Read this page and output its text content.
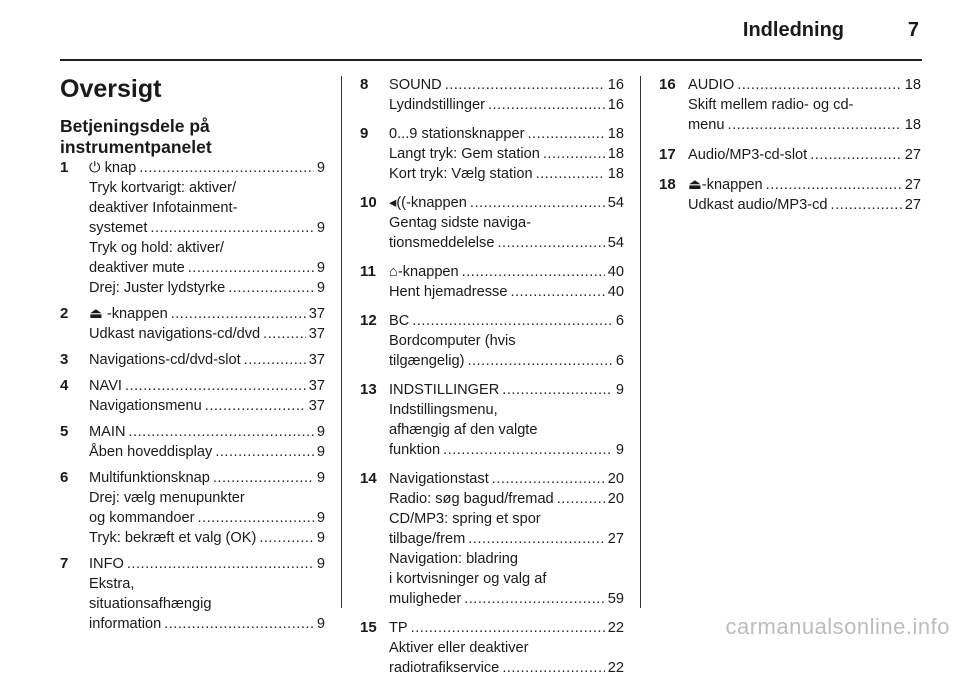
Indledning	7
Oversigt
Betjeningsdele på instrumentpanelet
1 ⏻ knap .....	9
Tryk kortvarigt: aktiver/
deaktiver Infotainment-
systemet .....	9
Tryk og hold: aktiver/
deaktiver mute .....	9
Drej: Juster lydstyrke .....	9
2 ⏏ -knappen .....	37
Udkast navigations-cd/dvd .....	37
3 Navigations-cd/dvd-slot .....	37
4 NAVI .....	37
Navigationsmenu .....	37
5 MAIN .....	9
Åben hoveddisplay .....	9
6 Multifunktionsknap .....	9
Drej: vælg menupunkter
og kommandoer .....	9
Tryk: bekræft et valg (OK) .....	9
7 INFO .....	9
Ekstra,
situationsafhængig
information .....	9
8 SOUND .....	16
Lydindstillinger .....	16
9 0...9 stationsknapper .....	18
Langt tryk: Gem station .....	18
Kort tryk: Vælg station .....	18
10 ◂((-knappen .....	54
Gentag sidste naviga-
tionsmeddelelse .....	54
11 ⌂-knappen .....	40
Hent hjemadresse .....	40
12 BC .....	6
Bordcomputer (hvis
tilgængelig) .....	6
13 INDSTILLINGER .....	9
Indstillingsmenu,
afhængig af den valgte
funktion .....	9
14 Navigationstast .....	20
Radio: søg bagud/fremad .....	20
CD/MP3: spring et spor
tilbage/frem .....	27
Navigation: bladring
i kortvisninger og valg af
muligheder .....	59
15 TP .....	22
Aktiver eller deaktiver
radiotrafikservice .....	22
16 AUDIO .....	18
Skift mellem radio- og cd-
menu .....	18
17 Audio/MP3-cd-slot .....	27
18 ⏏-knappen .....	27
Udkast audio/MP3-cd .....	27
carmanualsonline.info
